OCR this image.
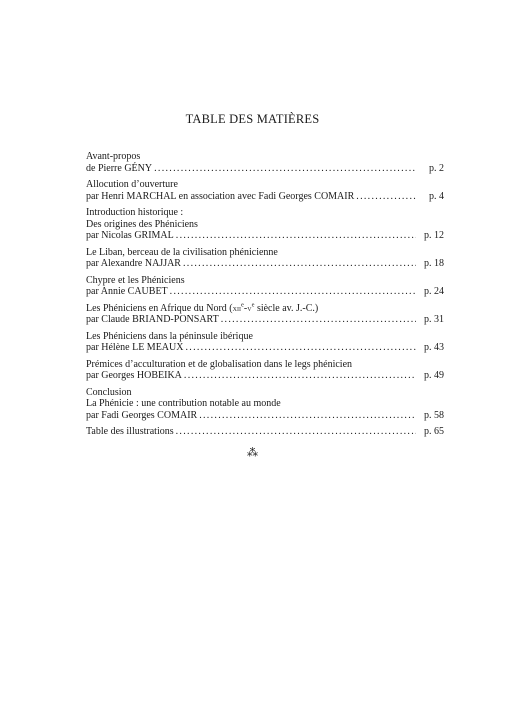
TABLE DES MATIÈRES
Avant-propos
de Pierre GÉNY . . .	p. 2
Allocution d’ouverture
par Henri MARCHAL en association avec Fadi Georges COMAIR . . .	p. 4
Introduction historique :
Des origines des Phéniciens
par Nicolas GRIMAL . . .	p. 12
Le Liban, berceau de la civilisation phénicienne
par Alexandre NAJJAR . . .	p. 18
Chypre et les Phéniciens
par Annie CAUBET . . .	p. 24
Les Phéniciens en Afrique du Nord ($xii^e-v^e$ siècle av. J.-C.)
par Claude BRIAND-PONSART . . .	p. 31
Les Phéniciens dans la péninsule ibérique
par Hélène LE MEAUX . . .	p. 43
Prémices d’acculturation et de globalisation dans le legs phénicien
par Georges HOBEIKA . . .	p. 49
Conclusion
La Phénicie : une contribution notable au monde
par Fadi Georges COMAIR . . .	p. 58
Table des illustrations . . .	p. 65
⁂
